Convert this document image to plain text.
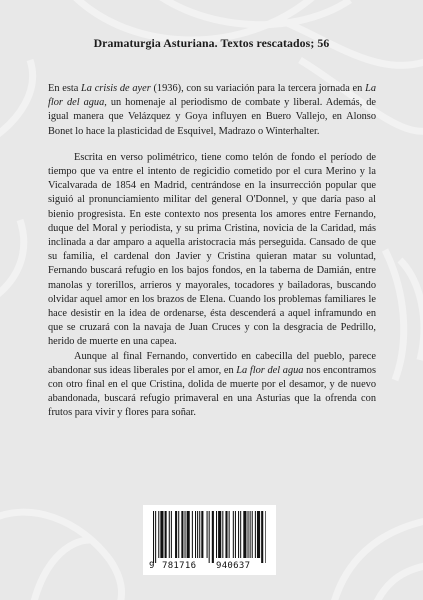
Dramaturgia Asturiana. Textos rescatados; 56

En esta La crisis de ayer (1936), con su variación para la tercera jornada en La flor del agua, un homenaje al periodismo de combate y liberal. Además, de igual manera que Velázquez y Goya influyen en Buero Vallejo, en Alonso Bonet lo hace la plasticidad de Esquivel, Madrazo o Winterhalter.

Escrita en verso polimétrico, tiene como telón de fondo el período de tiempo que va entre el intento de regicidio cometido por el cura Merino y la Vicalvarada de 1854 en Madrid, centrándose en la insurrección popular que siguió al pronunciamiento militar del general O'Donnel, y que daría paso al bienio progresista. En este contexto nos presenta los amores entre Fernando, duque del Moral y periodista, y su prima Cristina, novicia de la Caridad, más inclinada a dar amparo a aquella aristocracia más perseguida. Cansado de que su familia, el cardenal don Javier y Cristina quieran matar su voluntad, Fernando buscará refugio en los bajos fondos, en la taberna de Damián, entre manolas y torerillos, arrieros y mayorales, tocadores y bailadoras, buscando olvidar aquel amor en los brazos de Elena. Cuando los problemas familiares le hace desistir en la idea de ordenarse, ésta descenderá a aquel inframundo en que se cruzará con la navaja de Juan Cruces y con la desgracia de Pedrillo, herido de muerte en una capea.

Aunque al final Fernando, convertido en cabecilla del pueblo, parece abandonar sus ideas liberales por el amor, en La flor del agua nos encontramos con otro final en el que Cristina, dolida de muerte por el desamor, y de nuevo abandonada, buscará refugio primaveral en una Asturias que la ofrenda con frutos para vivir y flores para soñar.

9 781716 940637
